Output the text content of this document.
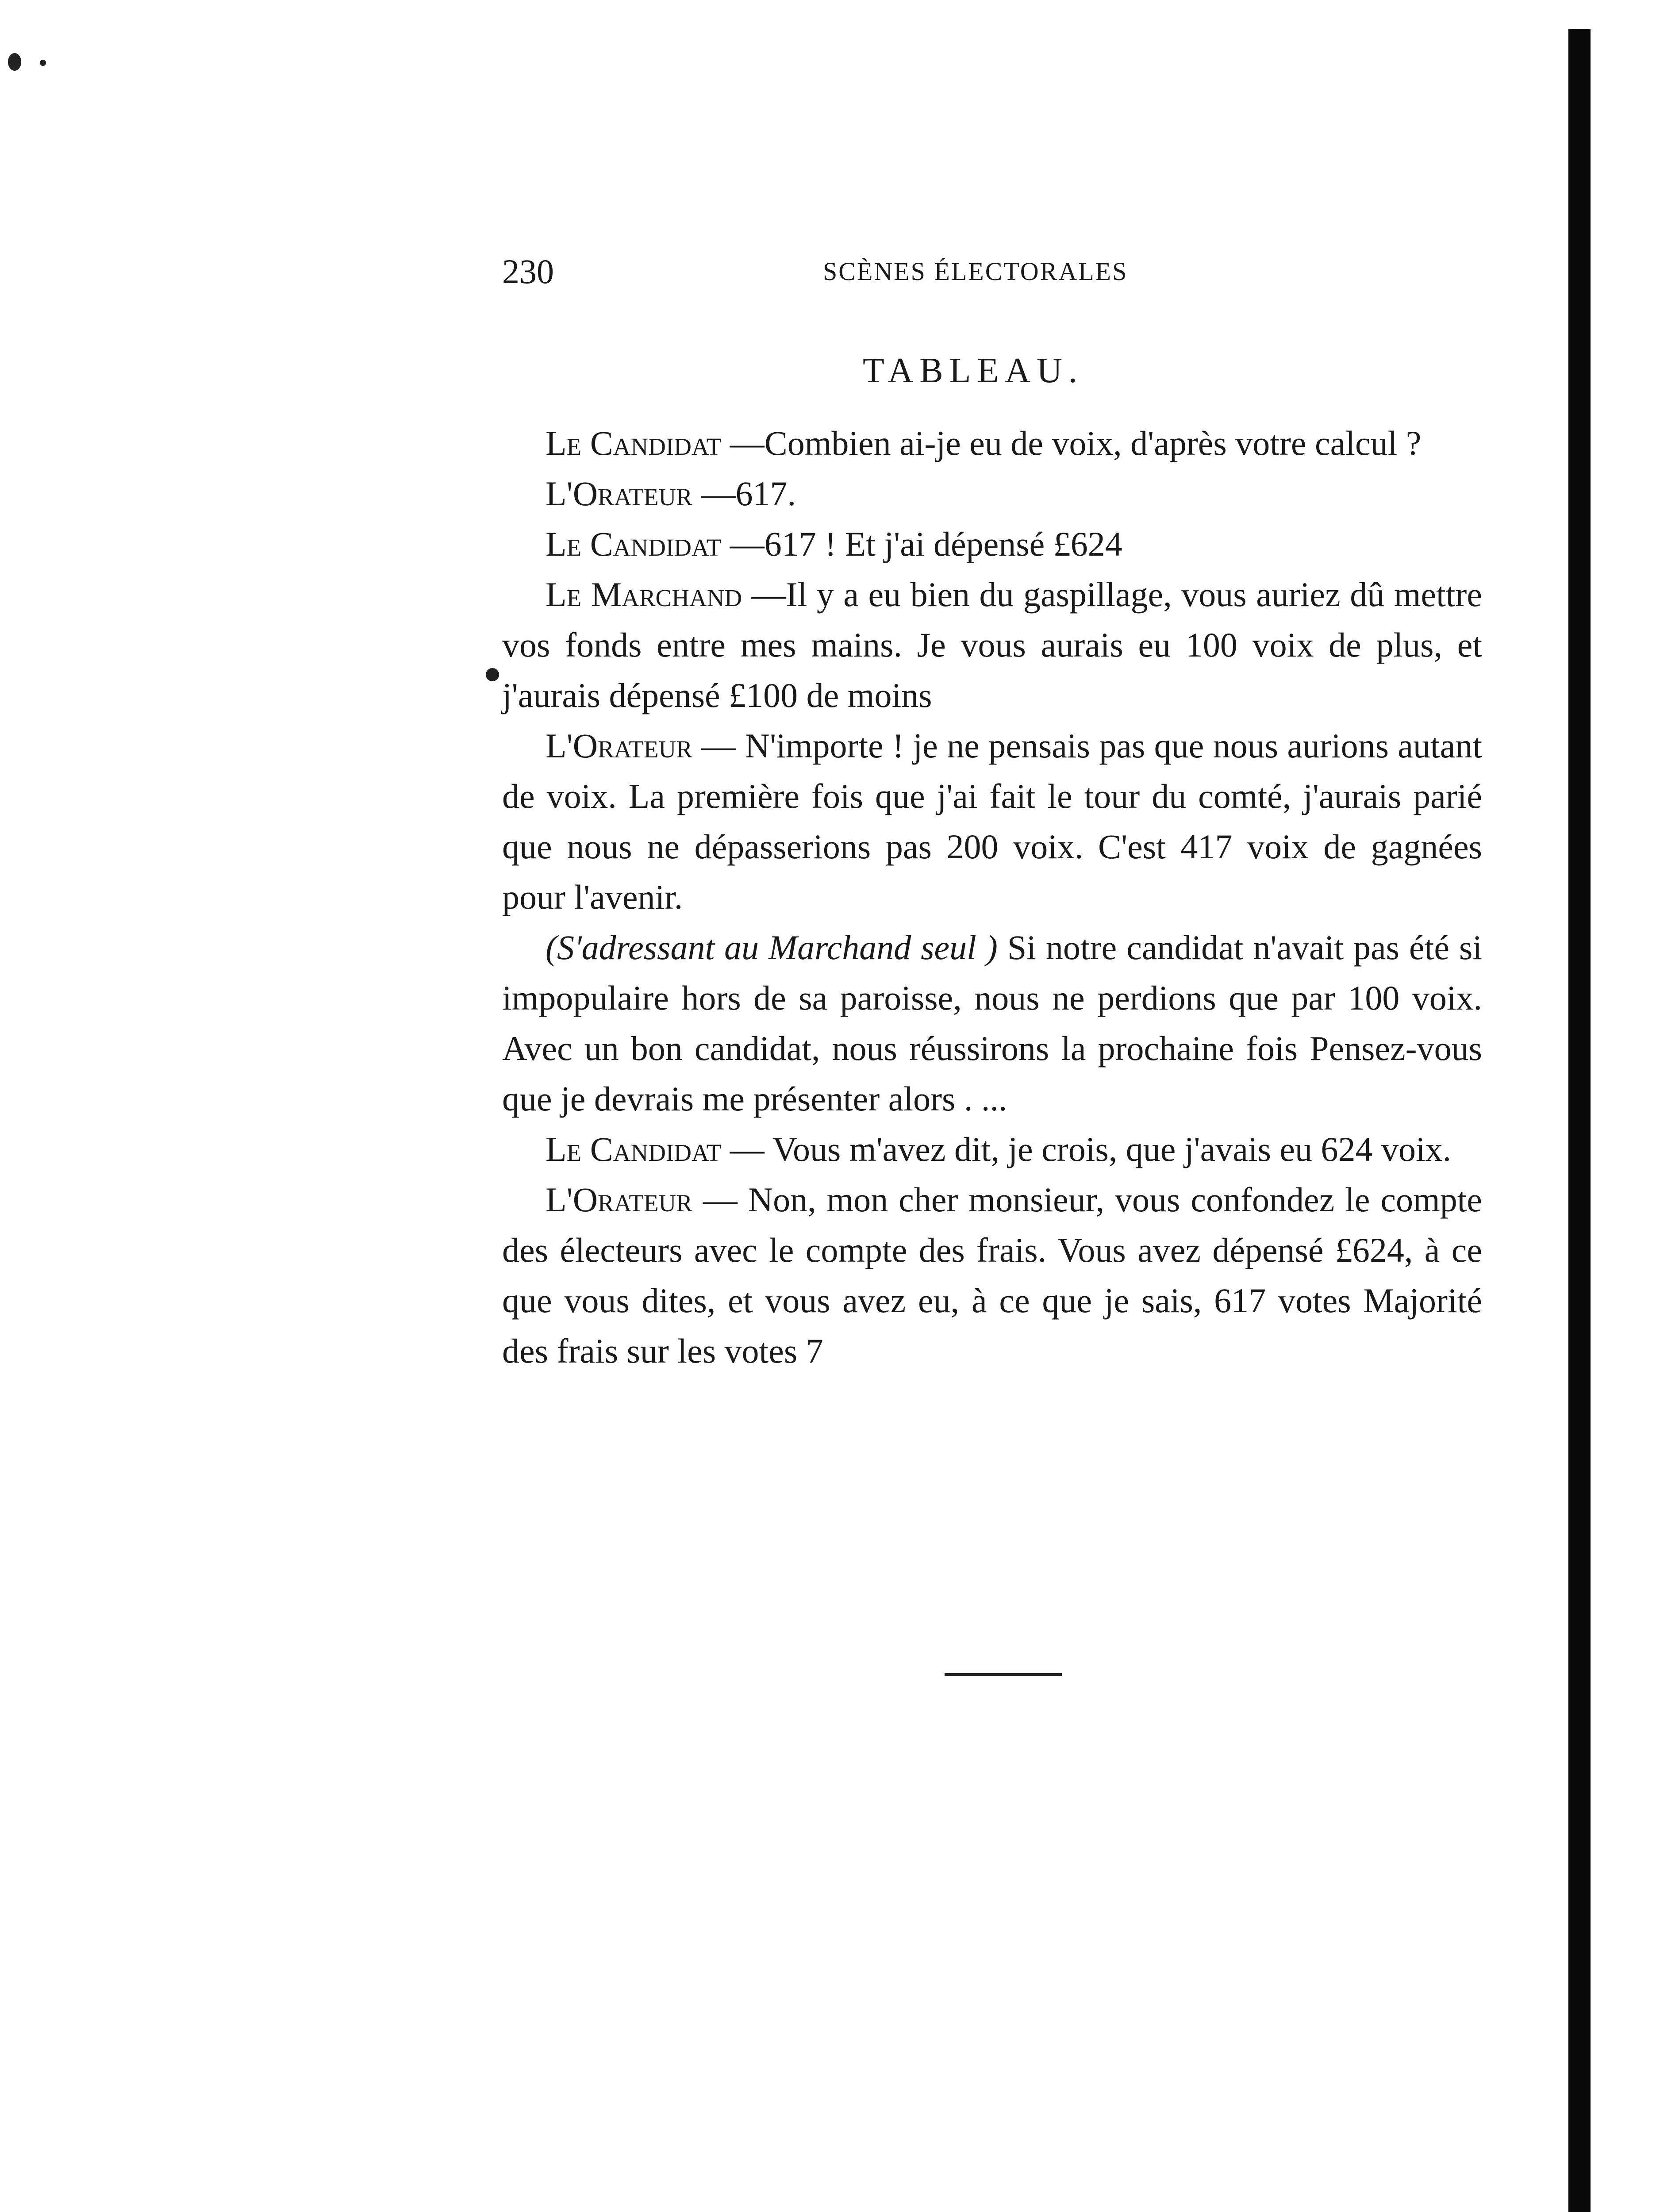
230	SCÈNES ÉLECTORALES
TABLEAU.

Le Candidat —Combien ai-je eu de voix, d'après votre calcul ?

L'Orateur —617.

Le Candidat —617 ! Et j'ai dépensé £624

Le Marchand —Il y a eu bien du gaspillage, vous auriez dû mettre vos fonds entre mes mains. Je vous aurais eu 100 voix de plus, et j'aurais dépensé £100 de moins

L'Orateur — N'importe ! je ne pensais pas que nous aurions autant de voix. La première fois que j'ai fait le tour du comté, j'aurais parié que nous ne dépasserions pas 200 voix. C'est 417 voix de gagnées pour l'avenir.

(S'adressant au Marchand seul ) Si notre candidat n'avait pas été si impopulaire hors de sa paroisse, nous ne perdions que par 100 voix. Avec un bon candidat, nous réussirons la prochaine fois Pensez-vous que je devrais me présenter alors . ...

Le Candidat — Vous m'avez dit, je crois, que j'avais eu 624 voix.

L'Orateur — Non, mon cher monsieur, vous confondez le compte des électeurs avec le compte des frais. Vous avez dépensé £624, à ce que vous dites, et vous avez eu, à ce que je sais, 617 votes Majorité des frais sur les votes 7
